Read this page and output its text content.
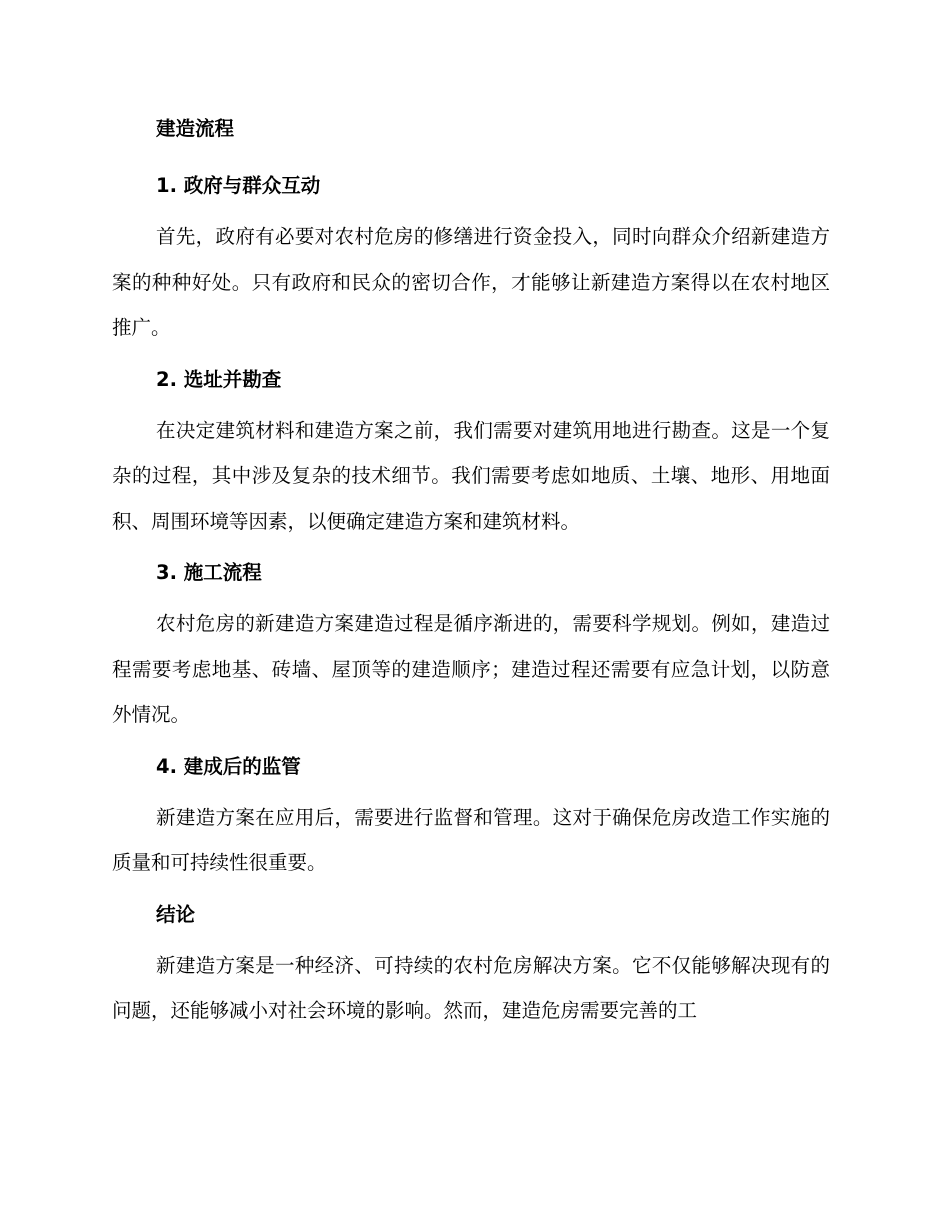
建造流程
1. 政府与群众互动

首先，政府有必要对农村危房的修缮进行资金投入，同时向群众介绍新建造方案的种种好处。只有政府和民众的密切合作，才能够让新建造方案得以在农村地区推广。

2. 选址并勘查

在决定建筑材料和建造方案之前，我们需要对建筑用地进行勘查。这是一个复杂的过程，其中涉及复杂的技术细节。我们需要考虑如地质、土壤、地形、用地面积、周围环境等因素，以便确定建造方案和建筑材料。

3. 施工流程

农村危房的新建造方案建造过程是循序渐进的，需要科学规划。例如，建造过程需要考虑地基、砖墙、屋顶等的建造顺序；建造过程还需要有应急计划，以防意外情况。

4. 建成后的监管

新建造方案在应用后，需要进行监督和管理。这对于确保危房改造工作实施的质量和可持续性很重要。

结论

新建造方案是一种经济、可持续的农村危房解决方案。它不仅能够解决现有的问题，还能够减小对社会环境的影响。然而，建造危房需要完善的工
